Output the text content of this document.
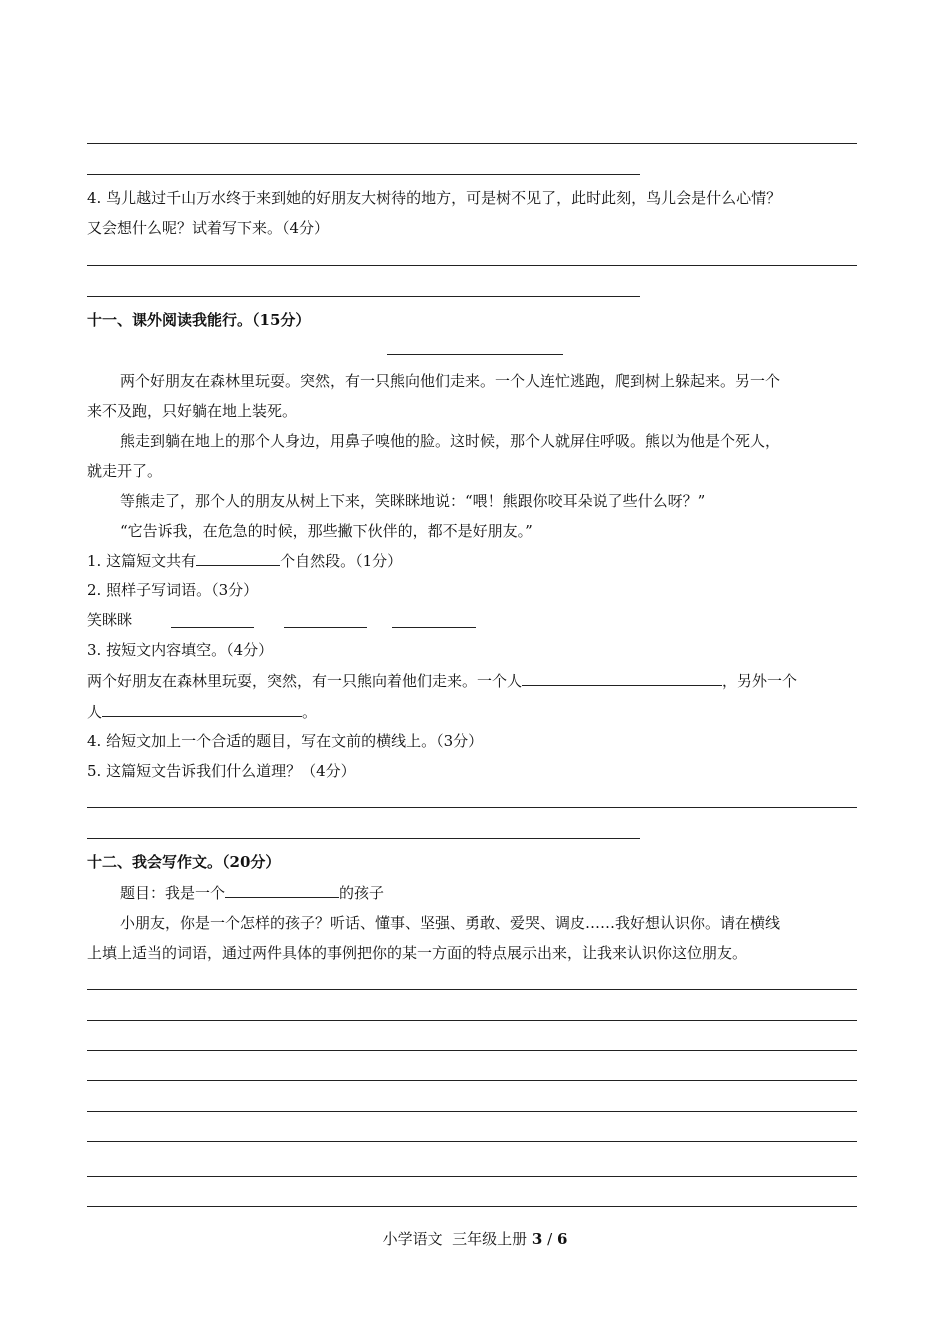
4. 鸟儿越过千山万水终于来到她的好朋友大树待的地方，可是树不见了，此时此刻，鸟儿会是什么心情？
又会想什么呢？试着写下来。（4分）
十一、课外阅读我能行。（15分）
两个好朋友在森林里玩耍。突然，有一只熊向他们走来。一个人连忙逃跑，爬到树上躲起来。另一个
来不及跑，只好躺在地上装死。
熊走到躺在地上的那个人身边，用鼻子嗅他的脸。这时候，那个人就屏住呼吸。熊以为他是个死人，
就走开了。
等熊走了，那个人的朋友从树上下来，笑眯眯地说：“喂！熊跟你咬耳朵说了些什么呀？”
“它告诉我，在危急的时候，那些撇下伙伴的，都不是好朋友。”
1. 这篇短文共有	个自然段。（1分）
2. 照样子写词语。（3分）
笑眯眯
3. 按短文内容填空。（4分）
两个好朋友在森林里玩耍，突然，有一只熊向着他们走来。一个人	，另外一个
人	。
4. 给短文加上一个合适的题目，写在文前的横线上。（3分）
5. 这篇短文告诉我们什么道理？（4分）
十二、我会写作文。（20分）
题目：我是一个	的孩子
小朋友，你是一个怎样的孩子？听话、懂事、坚强、勇敢、爱哭、调皮……我好想认识你。请在横线
上填上适当的词语，通过两件具体的事例把你的某一方面的特点展示出来，让我来认识你这位朋友。
小学语文  三年级上册 3 / 6
